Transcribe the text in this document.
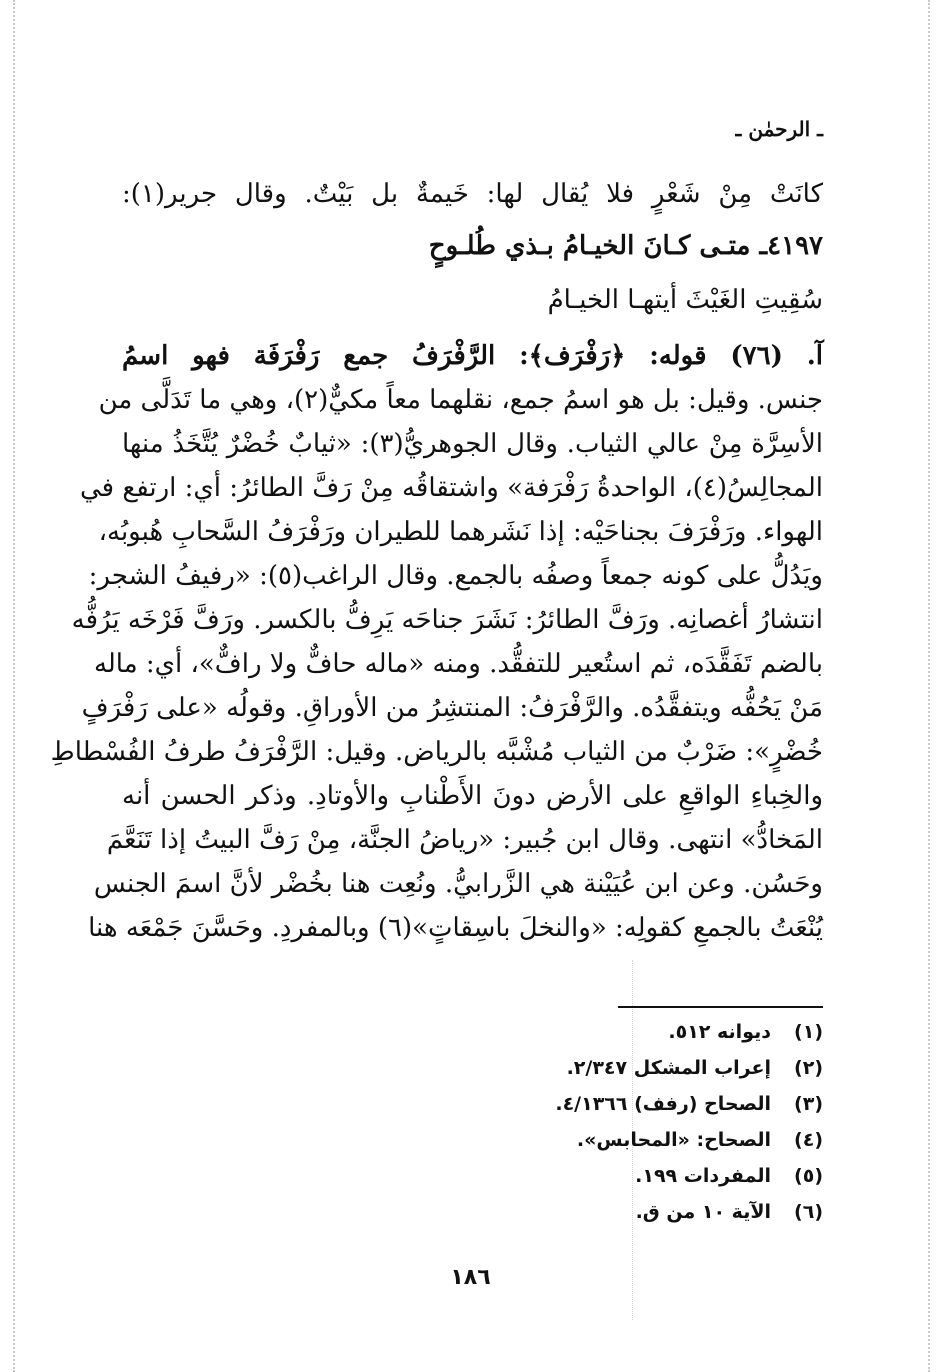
ـ الرحمٰن ـ
كانَتْ مِنْ شَعْرٍ فلا يُقال لها: خَيمةٌ بل بَيْتٌ. وقال جرير(١):
٤١٩٧ـ متـى كـانَ الخيـامُ بـذي طُلـوحٍ
سُقِيتِ الغَيْثَ أيتهـا الخيـامُ
آ. (٧٦) قوله: ﴿رَفْرَف﴾: الرَّفْرَفُ جمع رَفْرَفَة فهو اسمُ
جنس. وقيل: بل هو اسمُ جمع، نقلهما معاً مكيٌّ(٢)، وهي ما تَدَلَّى من
الأسِرَّة مِنْ عالي الثياب. وقال الجوهريُّ(٣): «ثيابٌ خُضْرٌ يُتَّخَذُ منها
المجالِسُ(٤)، الواحدةُ رَفْرَفة» واشتقاقُه مِنْ رَفَّ الطائرُ: أي: ارتفع في
الهواء. ورَفْرَفَ بجناحَيْه: إذا نَشَرهما للطيران ورَفْرَفُ السَّحابِ هُبوبُه،
ويَدُلُّ على كونه جمعاً وصفُه بالجمع. وقال الراغب(٥): «رفيفُ الشجر:
انتشارُ أغصانِه. ورَفَّ الطائرُ: نَشَرَ جناحَه يَرِفُّ بالكسر. ورَفَّ فَرْخَه يَرُفُّه
بالضم تَفَقَّدَه، ثم استُعير للتفقُّد. ومنه «ماله حافٌّ ولا رافٌّ»، أي: ماله
مَنْ يَحُفُّه ويتفقَّدُه. والرَّفْرَفُ: المنتشِرُ من الأوراقِ. وقولُه «على رَفْرَفٍ
خُضْرٍ»: ضَرْبٌ من الثياب مُشْبَّه بالرياض. وقيل: الرَّفْرَفُ طرفُ الفُسْطاطِ
والخِباءِ الواقعِ على الأرض دونَ الأَطْنابِ والأوتادِ. وذكر الحسن أنه
المَخادُّ» انتهى. وقال ابن جُبير: «رياضُ الجنَّة، مِنْ رَفَّ البيتُ إذا تَنَعَّمَ
وحَسُن. وعن ابن عُيَيْنة هي الزَّرابيُّ. ونُعِت هنا بخُضْر لأنَّ اسمَ الجنس
يُنْعَتُ بالجمعِ كقولِه: «والنخلَ باسِقاتٍ»(٦) وبالمفردِ. وحَسَّنَ جَمْعَه هنا
(١)
ديوانه ٥١٢.
(٢)
إعراب المشكل ٢/٣٤٧.
(٣)
الصحاح (رفف) ٤/١٣٦٦.
(٤)
الصحاح: «المحابس».
(٥)
المفردات ١٩٩.
(٦)
الآية ١٠ من ق.
١٨٦
